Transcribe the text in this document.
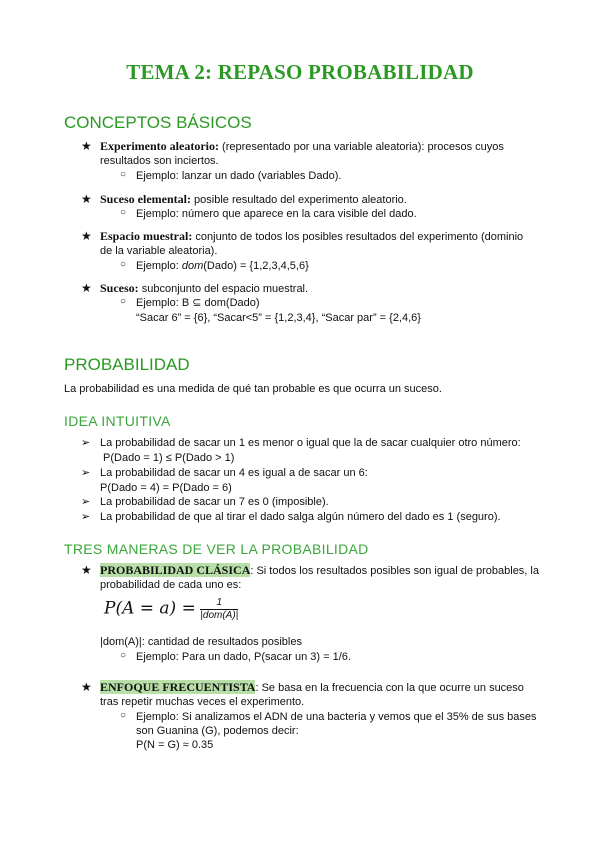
TEMA 2: REPASO PROBABILIDAD
CONCEPTOS BÁSICOS
★ Experimento aleatorio: (representado por una variable aleatoria): procesos cuyos
resultados son inciertos.
○ Ejemplo: lanzar un dado (variables Dado).
★ Suceso elemental: posible resultado del experimento aleatorio.
○ Ejemplo: número que aparece en la cara visible del dado.
★ Espacio muestral: conjunto de todos los posibles resultados del experimento (dominio
de la variable aleatoria).
○ Ejemplo: dom(Dado) = {1,2,3,4,5,6}
★ Suceso: subconjunto del espacio muestral.
○ Ejemplo: B ⊆ dom(Dado)
“Sacar 6” = {6}, “Sacar<5” = {1,2,3,4}, “Sacar par” = {2,4,6}
PROBABILIDAD
La probabilidad es una medida de qué tan probable es que ocurra un suceso.
IDEA INTUITIVA
➢ La probabilidad de sacar un 1 es menor o igual que la de sacar cualquier otro número:
P(Dado = 1) ≤ P(Dado > 1)
➢ La probabilidad de sacar un 4 es igual a de sacar un 6:
P(Dado = 4) = P(Dado = 6)
➢ La probabilidad de sacar un 7 es 0 (imposible).
➢ La probabilidad de que al tirar el dado salga algún número del dado es 1 (seguro).
TRES MANERAS DE VER LA PROBABILIDAD
★ PROBABILIDAD CLÁSICA: Si todos los resultados posibles son igual de probables, la
probabilidad de cada uno es:
$P(A = a) = \frac{1}{\text{|dom(A)|}}$
|dom(A)|: cantidad de resultados posibles
○ Ejemplo: Para un dado, P(sacar un 3) = 1/6.
★ ENFOQUE FRECUENTISTA: Se basa en la frecuencia con la que ocurre un suceso
tras repetir muchas veces el experimento.
○ Ejemplo: Si analizamos el ADN de una bacteria y vemos que el 35% de sus bases
son Guanina (G), podemos decir:
P(N = G) ≈ 0.35
